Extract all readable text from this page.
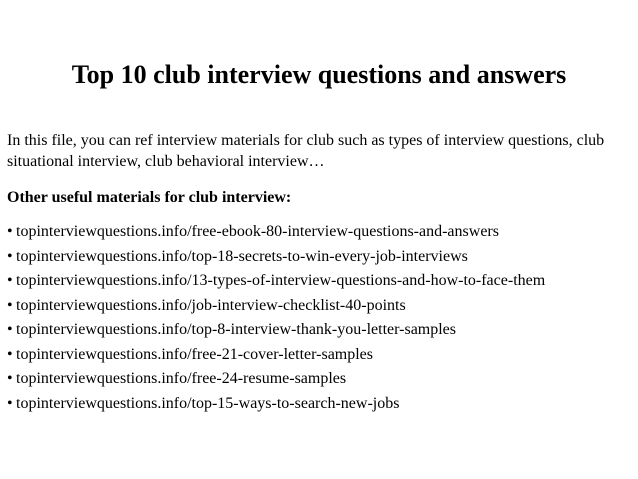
Top 10 club interview questions and answers
In this file, you can ref interview materials for club such as types of interview questions, club situational interview, club behavioral interview…
Other useful materials for club interview:
• topinterviewquestions.info/free-ebook-80-interview-questions-and-answers
• topinterviewquestions.info/top-18-secrets-to-win-every-job-interviews
• topinterviewquestions.info/13-types-of-interview-questions-and-how-to-face-them
• topinterviewquestions.info/job-interview-checklist-40-points
• topinterviewquestions.info/top-8-interview-thank-you-letter-samples
• topinterviewquestions.info/free-21-cover-letter-samples
• topinterviewquestions.info/free-24-resume-samples
• topinterviewquestions.info/top-15-ways-to-search-new-jobs
